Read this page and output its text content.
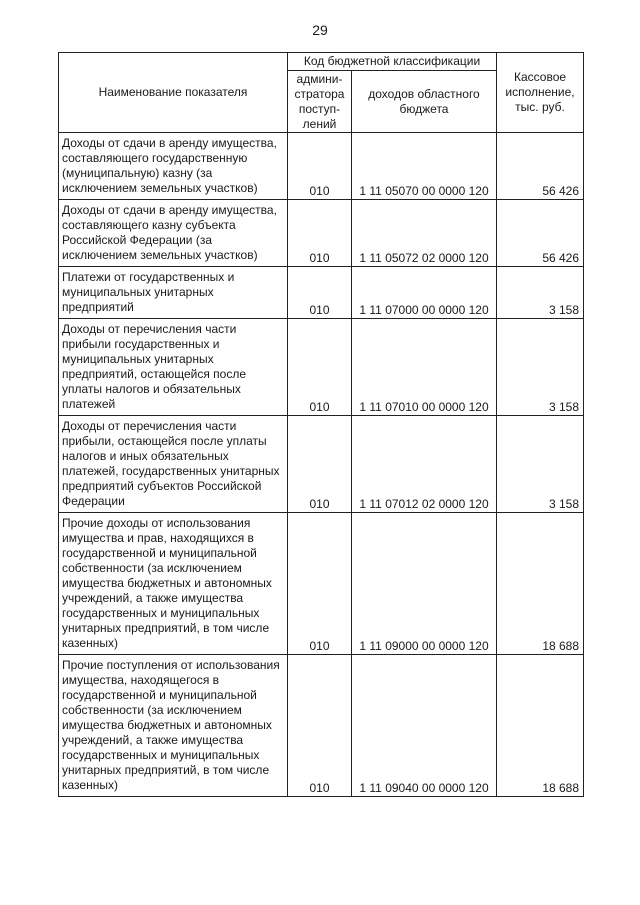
29
Наименование показателя	Код бюджетной классификации		Кассовое исполнение, тыс. руб.
	админи-стратора поступ-лений	доходов областного бюджета	
Доходы от сдачи в аренду имущества, составляющего государственную (муниципальную) казну (за исключением земельных участков)	010	1 11 05070 00 0000 120	56 426
Доходы от сдачи в аренду имущества, составляющего казну субъекта Российской Федерации (за исключением земельных участков)	010	1 11 05072 02 0000 120	56 426
Платежи от государственных и муниципальных унитарных предприятий	010	1 11 07000 00 0000 120	3 158
Доходы от перечисления части прибыли государственных и муниципальных унитарных предприятий, остающейся после уплаты налогов и обязательных платежей	010	1 11 07010 00 0000 120	3 158
Доходы от перечисления части прибыли, остающейся после уплаты налогов и иных обязательных платежей, государственных унитарных предприятий субъектов Российской Федерации	010	1 11 07012 02 0000 120	3 158
Прочие доходы от использования имущества и прав, находящихся в государственной и муниципальной собственности (за исключением имущества бюджетных и автономных учреждений, а также имущества государственных и муниципальных унитарных предприятий, в том числе казенных)	010	1 11 09000 00 0000 120	18 688
Прочие поступления от использования имущества, находящегося в государственной и муниципальной собственности (за исключением имущества бюджетных и автономных учреждений, а также имущества государственных и муниципальных унитарных предприятий, в том числе казенных)	010	1 11 09040 00 0000 120	18 688
